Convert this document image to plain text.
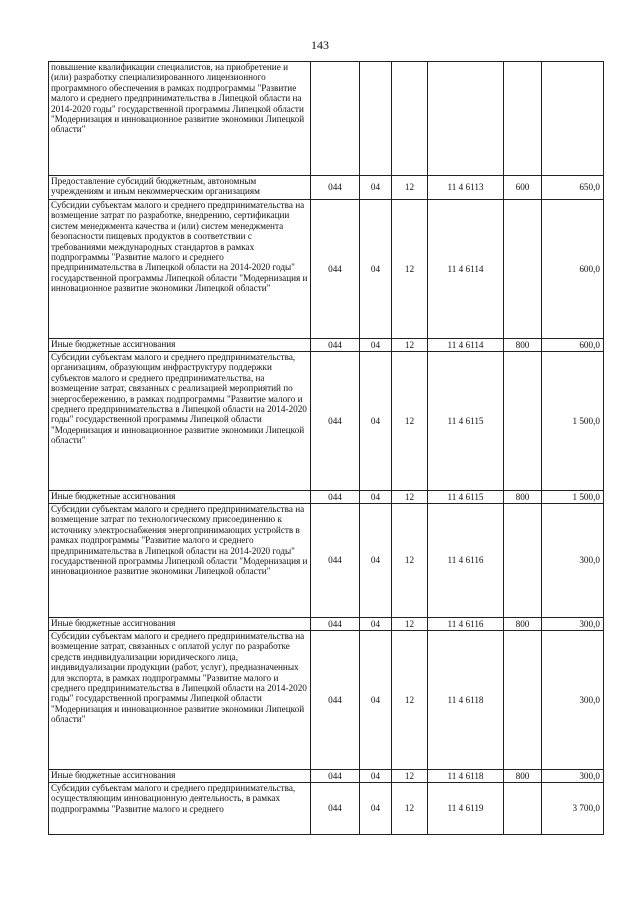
143
повышение квалификации специалистов, на приобретение и (или) разработку специализированного лицензионного программного обеспечения в рамках подпрограммы "Развитие малого и среднего предпринимательства в Липецкой области на 2014-2020 годы" государственной программы Липецкой области "Модернизация и инновационное развитие экономики Липецкой области"						
Предоставление субсидий бюджетным, автономным учреждениям и иным некоммерческим организациям	044	04	12	11 4 6113	600	650,0
Субсидии субъектам малого и среднего предпринимательства на возмещение затрат по разработке, внедрению, сертификации систем менеджмента качества и (или) систем менеджмента безопасности пищевых продуктов в соответствии с требованиями международных стандартов в рамках подпрограммы "Развитие малого и среднего предпринимательства в Липецкой области на 2014-2020 годы" государственной программы Липецкой области "Модернизация и инновационное развитие экономики Липецкой области"	044	04	12	11 4 6114		600,0
Иные бюджетные ассигнования	044	04	12	11 4 6114	800	600,0
Субсидии субъектам малого и среднего предпринимательства, организациям, образующим инфраструктуру поддержки субъектов малого и среднего предпринимательства, на возмещение затрат, связанных с реализацией мероприятий по энергосбережению, в рамках подпрограммы "Развитие малого и среднего предпринимательства в Липецкой области на 2014-2020 годы" государственной программы Липецкой области "Модернизация и инновационное развитие экономики Липецкой области"	044	04	12	11 4 6115		1 500,0
Иные бюджетные ассигнования	044	04	12	11 4 6115	800	1 500,0
Субсидии субъектам малого и среднего предпринимательства на возмещение затрат по технологическому присоединению к источнику электроснабжения энергопринимающих устройств в рамках подпрограммы "Развитие малого и среднего предпринимательства в Липецкой области на 2014-2020 годы" государственной программы Липецкой области "Модернизация и инновационное развитие экономики Липецкой области"	044	04	12	11 4 6116		300,0
Иные бюджетные ассигнования	044	04	12	11 4 6116	800	300,0
Субсидии субъектам малого и среднего предпринимательства на возмещение затрат, связанных с оплатой услуг по разработке средств индивидуализации юридического лица, индивидуализации продукции (работ, услуг), предназначенных для экспорта, в рамках подпрограммы "Развитие малого и среднего предпринимательства в Липецкой области на 2014-2020 годы" государственной программы Липецкой области "Модернизация и инновационное развитие экономики Липецкой области"	044	04	12	11 4 6118		300,0
Иные бюджетные ассигнования	044	04	12	11 4 6118	800	300,0
Субсидии субъектам малого и среднего предпринимательства, осуществляющим инновационную деятельность, в рамках подпрограммы "Развитие малого и среднего	044	04	12	11 4 6119		3 700,0
